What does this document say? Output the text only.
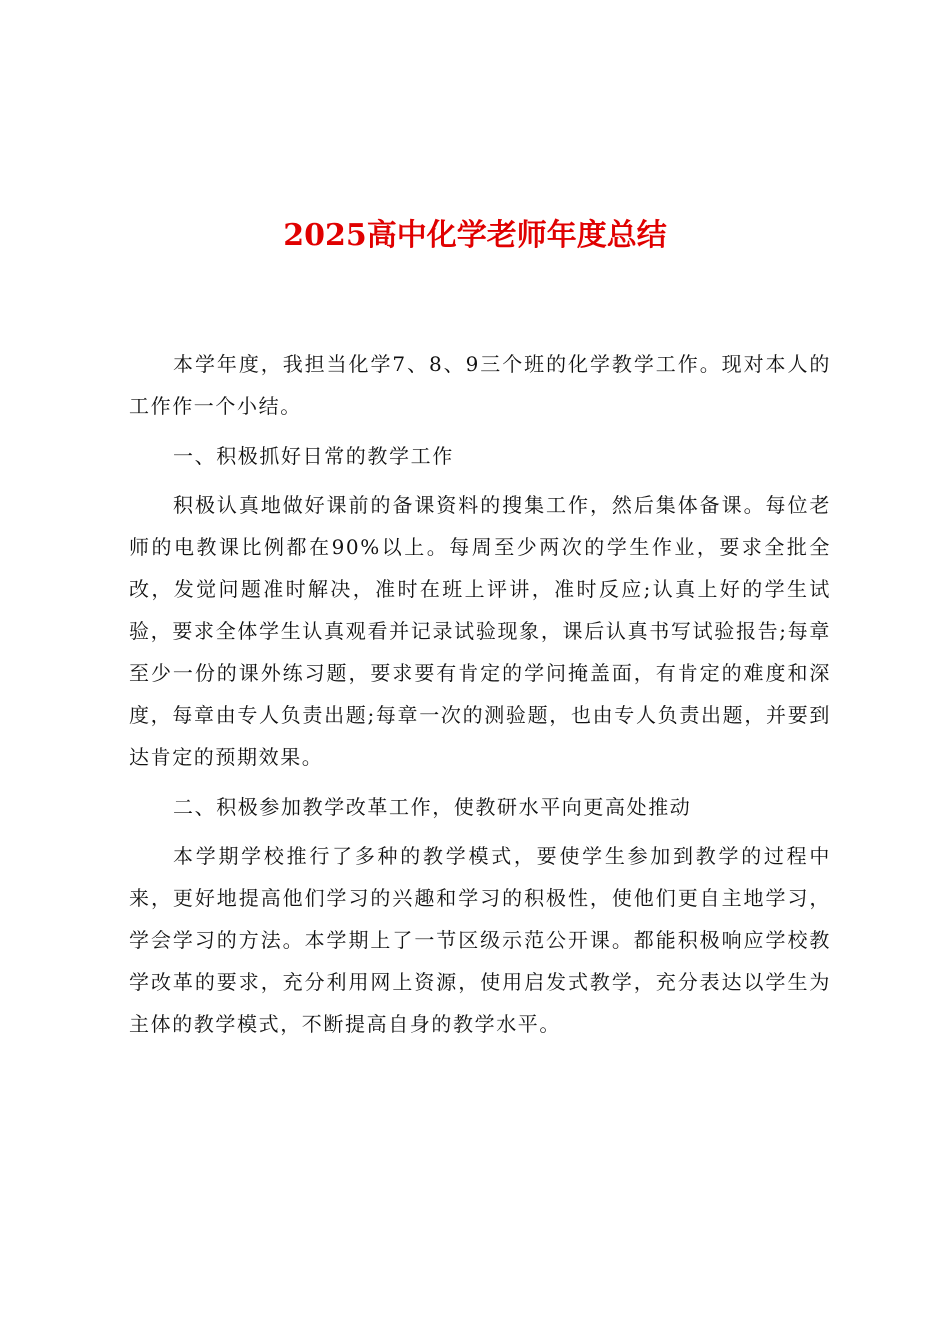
2025高中化学老师年度总结

本学年度，我担当化学7、8、9三个班的化学教学工作。现对本人的工作作一个小结。

一、积极抓好日常的教学工作

积极认真地做好课前的备课资料的搜集工作，然后集体备课。每位老师的电教课比例都在90%以上。每周至少两次的学生作业，要求全批全改，发觉问题准时解决，准时在班上评讲，准时反应;认真上好的学生试验，要求全体学生认真观看并记录试验现象，课后认真书写试验报告;每章至少一份的课外练习题，要求要有肯定的学问掩盖面，有肯定的难度和深度，每章由专人负责出题;每章一次的测验题，也由专人负责出题，并要到达肯定的预期效果。

二、积极参加教学改革工作，使教研水平向更高处推动

本学期学校推行了多种的教学模式，要使学生参加到教学的过程中来，更好地提高他们学习的兴趣和学习的积极性，使他们更自主地学习，学会学习的方法。本学期上了一节区级示范公开课。都能积极响应学校教学改革的要求，充分利用网上资源，使用启发式教学，充分表达以学生为主体的教学模式，不断提高自身的教学水平。
